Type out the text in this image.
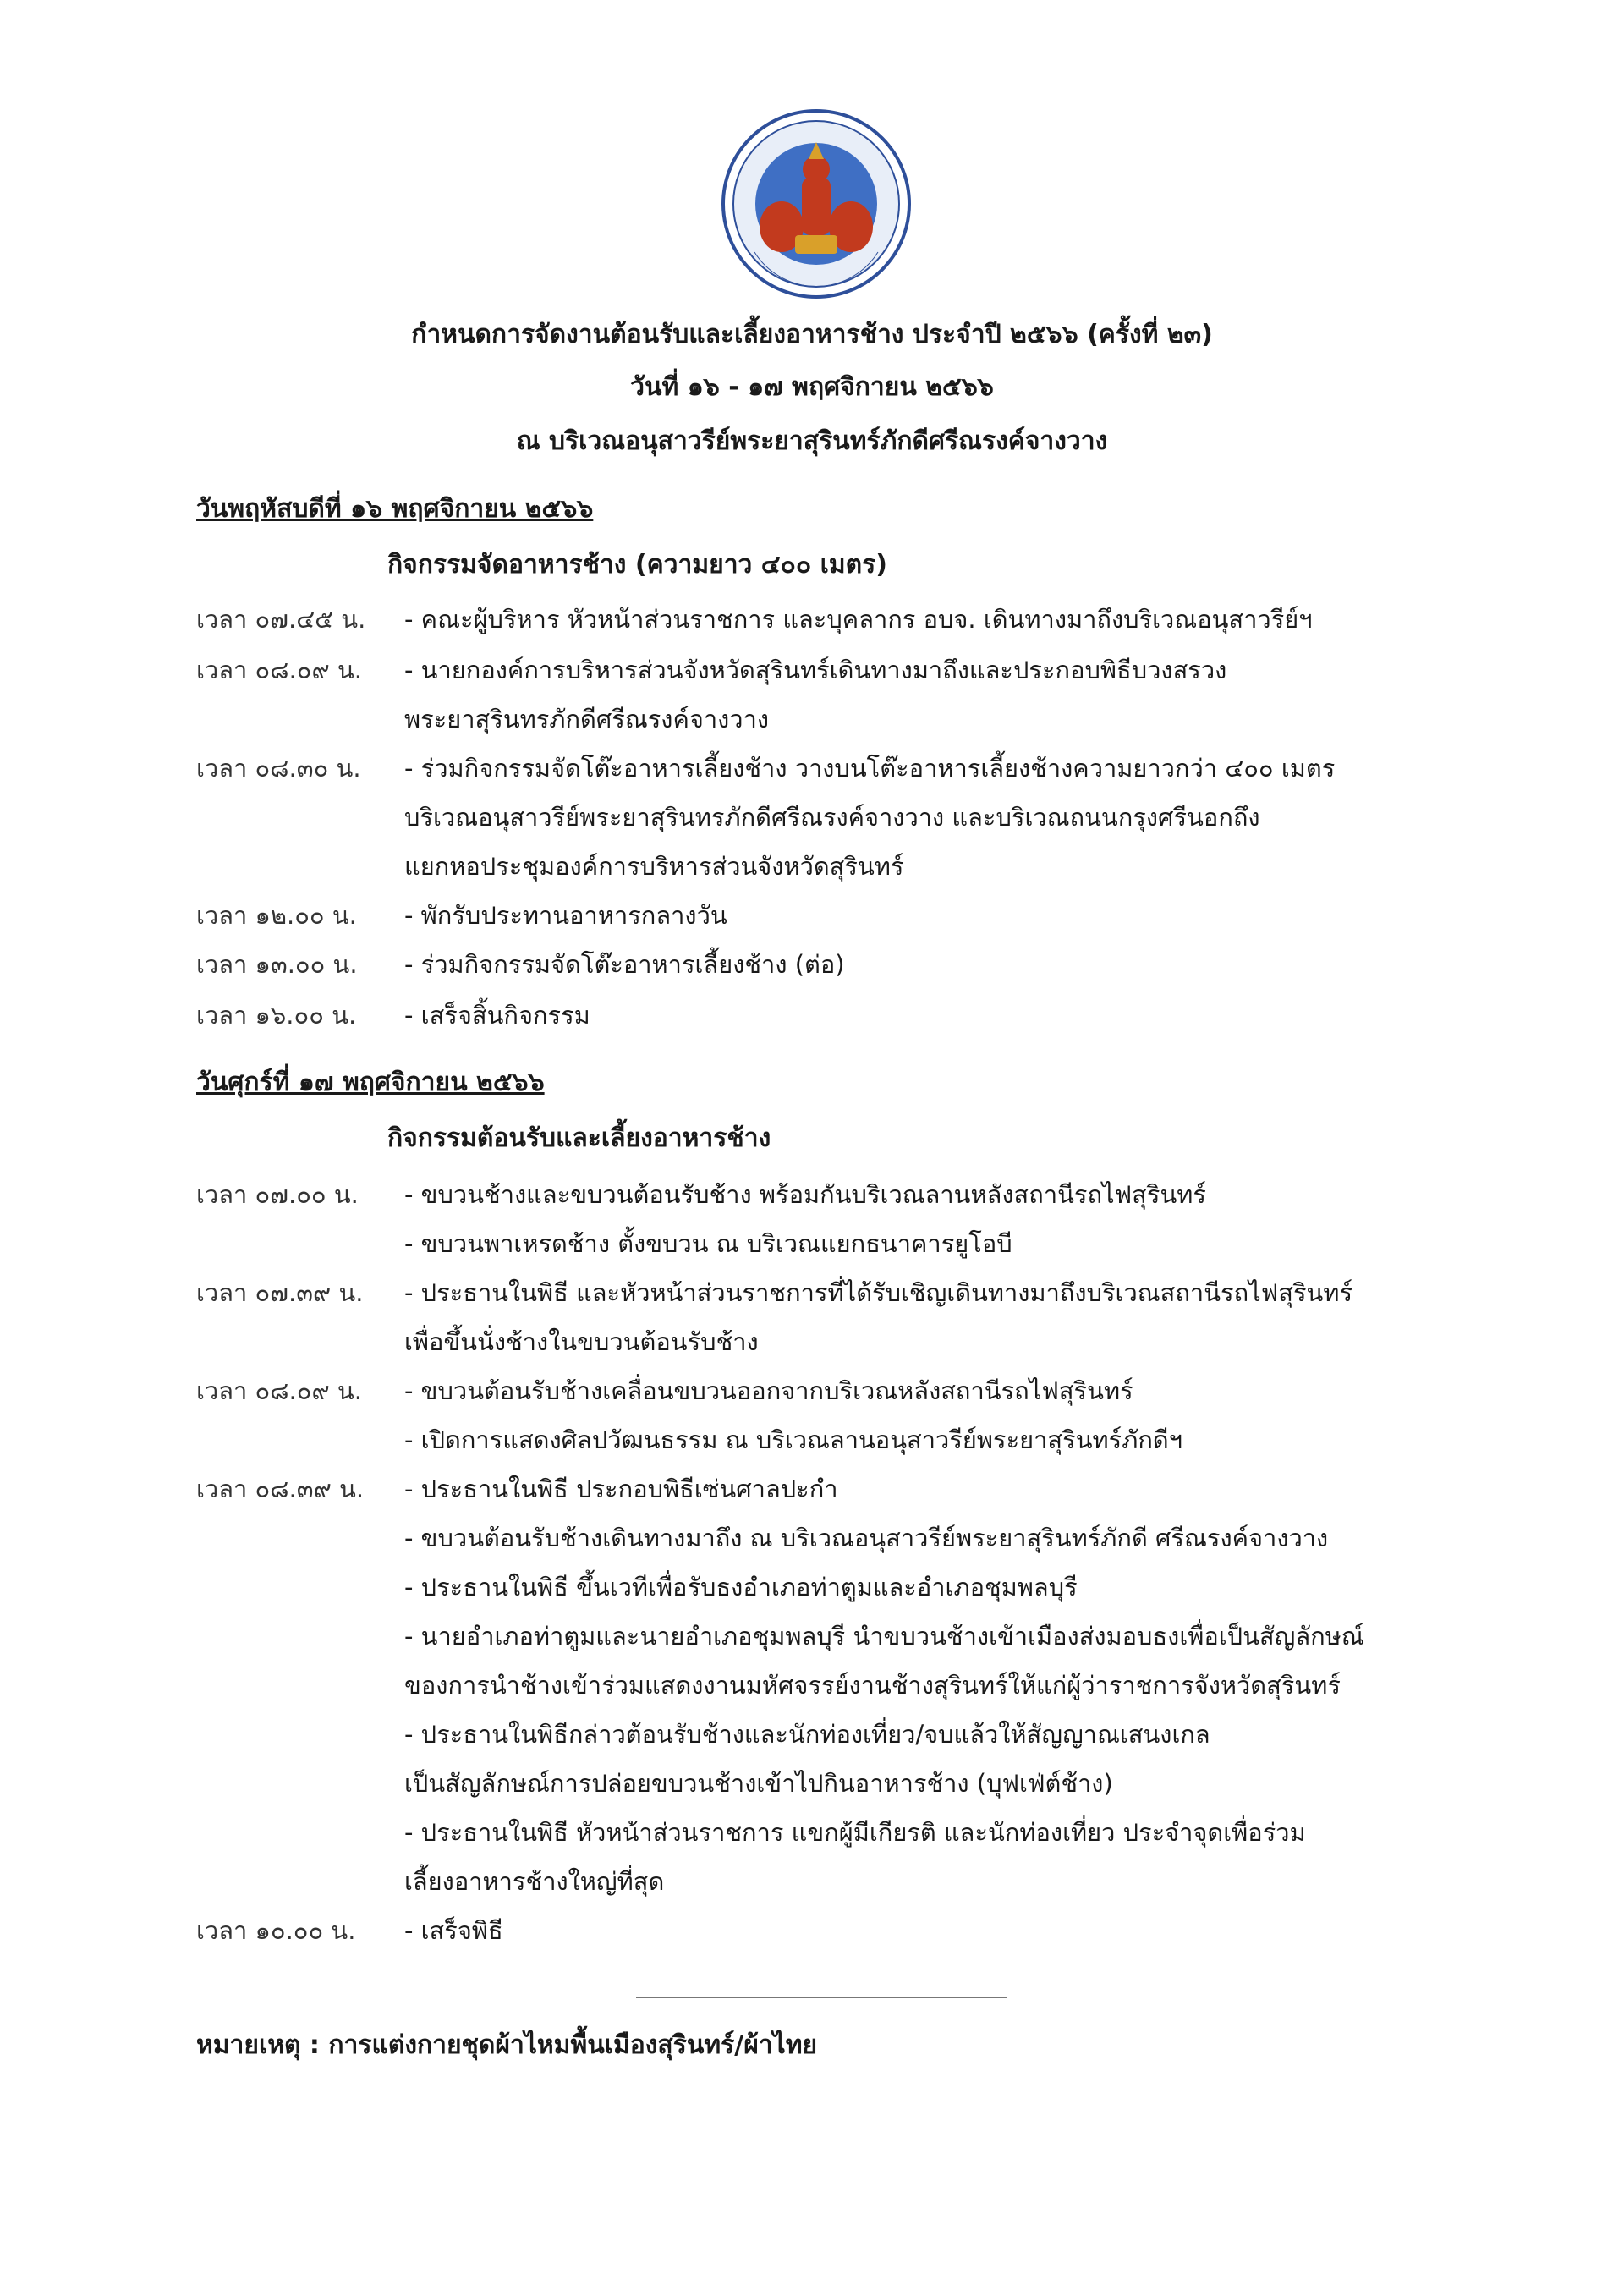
กำหนดการจัดงานต้อนรับและเลี้ยงอาหารช้าง ประจำปี ๒๕๖๖ (ครั้งที่ ๒๓)
วันที่ ๑๖ - ๑๗ พฤศจิกายน ๒๕๖๖
ณ บริเวณอนุสาวรีย์พระยาสุรินทร์ภักดีศรีณรงค์จางวาง
วันพฤหัสบดีที่ ๑๖ พฤศจิกายน ๒๕๖๖
กิจกรรมจัดอาหารช้าง (ความยาว ๔๐๐ เมตร)
เวลา ๐๗.๔๕ น. - คณะผู้บริหาร หัวหน้าส่วนราชการ และบุคลากร อบจ. เดินทางมาถึงบริเวณอนุสาวรีย์ฯ
เวลา ๐๘.๐๙ น. - นายกองค์การบริหารส่วนจังหวัดสุรินทร์เดินทางมาถึงและประกอบพิธีบวงสรวง
พระยาสุรินทรภักดีศรีณรงค์จางวาง
เวลา ๐๘.๓๐ น. - ร่วมกิจกรรมจัดโต๊ะอาหารเลี้ยงช้าง วางบนโต๊ะอาหารเลี้ยงช้างความยาวกว่า ๔๐๐ เมตร
บริเวณอนุสาวรีย์พระยาสุรินทรภักดีศรีณรงค์จางวาง และบริเวณถนนกรุงศรีนอกถึง
แยกหอประชุมองค์การบริหารส่วนจังหวัดสุรินทร์
เวลา ๑๒.๐๐ น. - พักรับประทานอาหารกลางวัน
เวลา ๑๓.๐๐ น. - ร่วมกิจกรรมจัดโต๊ะอาหารเลี้ยงช้าง (ต่อ)
เวลา ๑๖.๐๐ น. - เสร็จสิ้นกิจกรรม
วันศุกร์ที่ ๑๗ พฤศจิกายน ๒๕๖๖
กิจกรรมต้อนรับและเลี้ยงอาหารช้าง
เวลา ๐๗.๐๐ น. - ขบวนช้างและขบวนต้อนรับช้าง พร้อมกันบริเวณลานหลังสถานีรถไฟสุรินทร์
- ขบวนพาเหรดช้าง ตั้งขบวน ณ บริเวณแยกธนาคารยูโอบี
เวลา ๐๗.๓๙ น. - ประธานในพิธี และหัวหน้าส่วนราชการที่ได้รับเชิญเดินทางมาถึงบริเวณสถานีรถไฟสุรินทร์
เพื่อขึ้นนั่งช้างในขบวนต้อนรับช้าง
เวลา ๐๘.๐๙ น. - ขบวนต้อนรับช้างเคลื่อนขบวนออกจากบริเวณหลังสถานีรถไฟสุรินทร์
- เปิดการแสดงศิลปวัฒนธรรม ณ บริเวณลานอนุสาวรีย์พระยาสุรินทร์ภักดีฯ
เวลา ๐๘.๓๙ น. - ประธานในพิธี ประกอบพิธีเซ่นศาลปะกำ
- ขบวนต้อนรับช้างเดินทางมาถึง ณ บริเวณอนุสาวรีย์พระยาสุรินทร์ภักดี ศรีณรงค์จางวาง
- ประธานในพิธี ขึ้นเวทีเพื่อรับธงอำเภอท่าตูมและอำเภอชุมพลบุรี
- นายอำเภอท่าตูมและนายอำเภอชุมพลบุรี นำขบวนช้างเข้าเมืองส่งมอบธงเพื่อเป็นสัญลักษณ์
ของการนำช้างเข้าร่วมแสดงงานมหัศจรรย์งานช้างสุรินทร์ให้แก่ผู้ว่าราชการจังหวัดสุรินทร์
- ประธานในพิธีกล่าวต้อนรับช้างและนักท่องเที่ยว/จบแล้วให้สัญญาณเสนงเกล
เป็นสัญลักษณ์การปล่อยขบวนช้างเข้าไปกินอาหารช้าง (บุฟเฟ่ต์ช้าง)
- ประธานในพิธี หัวหน้าส่วนราชการ แขกผู้มีเกียรติ และนักท่องเที่ยว ประจำจุดเพื่อร่วม
เลี้ยงอาหารช้างใหญ่ที่สุด
เวลา ๑๐.๐๐ น. - เสร็จพิธี
หมายเหตุ : การแต่งกายชุดผ้าไหมพื้นเมืองสุรินทร์/ผ้าไทย
